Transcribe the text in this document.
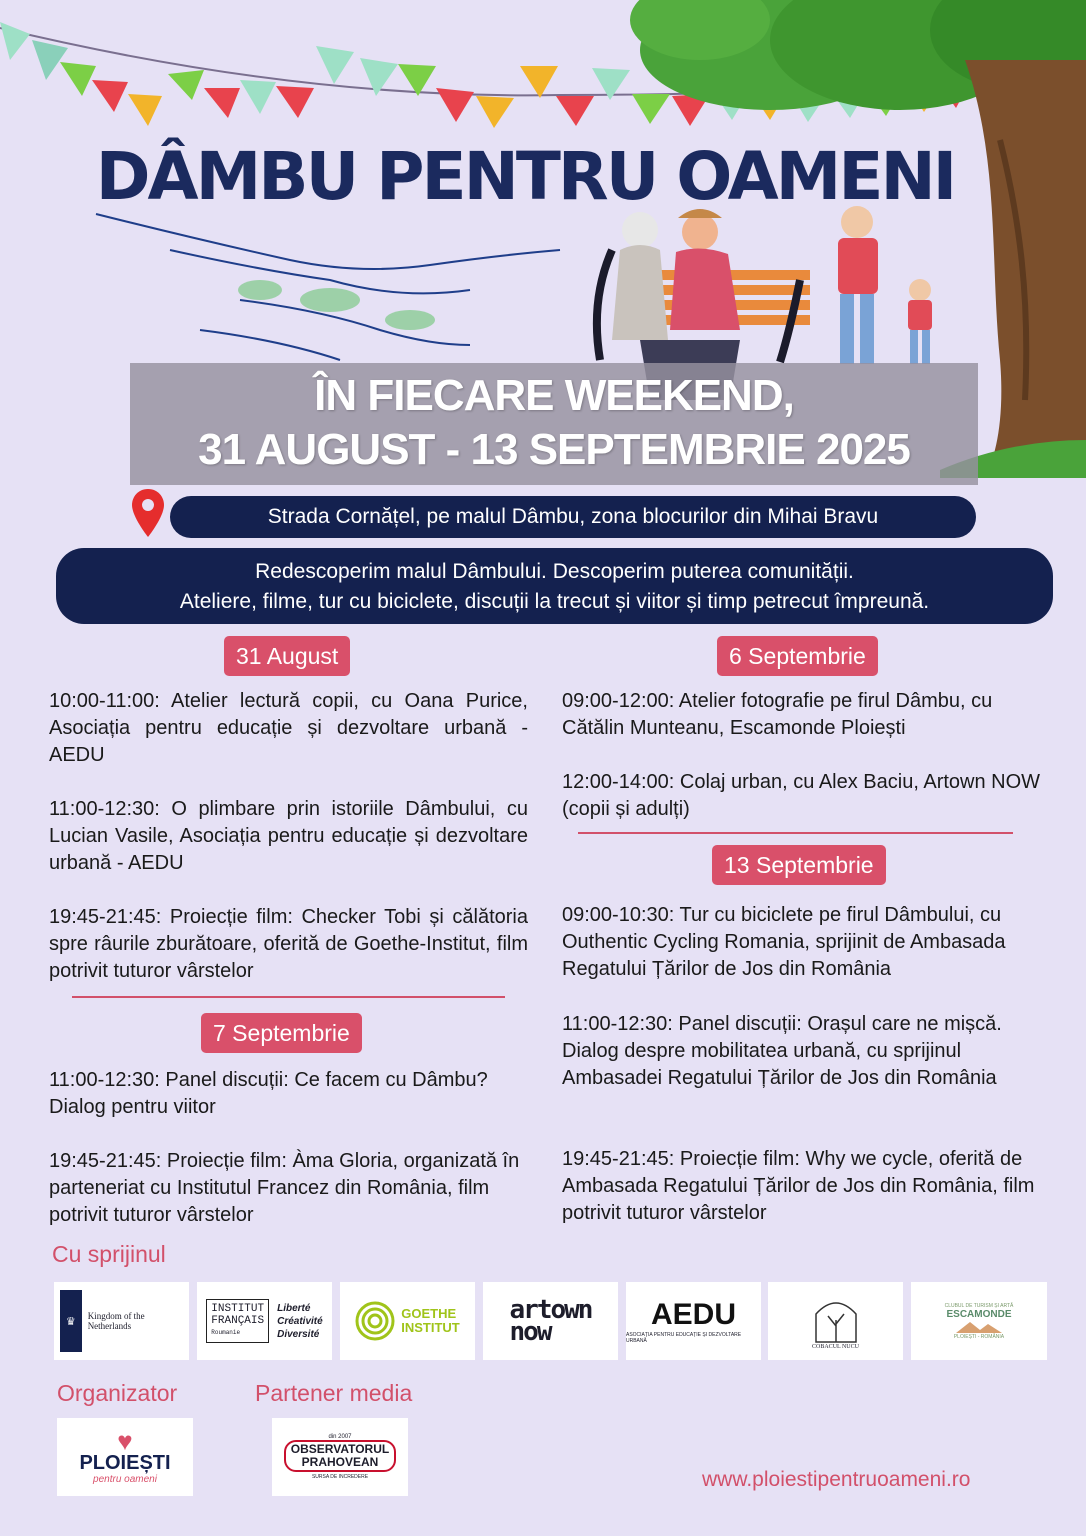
DÂMBU PENTRU OAMENI
ÎN FIECARE WEEKEND,
31 AUGUST - 13 SEPTEMBRIE 2025
Strada Cornățel, pe malul Dâmbu, zona blocurilor din Mihai Bravu
Redescoperim malul Dâmbului. Descoperim puterea comunității.
Ateliere, filme, tur cu biciclete, discuții la trecut și viitor și timp petrecut împreună.
31 August
10:00-11:00: Atelier lectură copii, cu Oana Purice, Asociația pentru educație și dezvoltare urbană - AEDU
11:00-12:30: O plimbare prin istoriile Dâmbului, cu Lucian Vasile, Asociația pentru educație și dezvoltare urbană - AEDU
19:45-21:45: Proiecție film: Checker Tobi și călătoria spre râurile zburătoare, oferită de Goethe-Institut, film potrivit tuturor vârstelor
7 Septembrie
11:00-12:30: Panel discuții: Ce facem cu Dâmbu? Dialog pentru viitor
19:45-21:45: Proiecție film: Àma Gloria, organizată în parteneriat cu Institutul Francez din România, film potrivit tuturor vârstelor
6 Septembrie
09:00-12:00: Atelier fotografie pe firul Dâmbu, cu Cătălin Munteanu, Escamonde Ploiești
12:00-14:00: Colaj urban, cu Alex Baciu, Artown NOW (copii și adulți)
13 Septembrie
09:00-10:30: Tur cu biciclete pe firul Dâmbului, cu Outhentic Cycling Romania, sprijinit de Ambasada Regatului Țărilor de Jos din România
11:00-12:30: Panel discuții: Orașul care ne mișcă. Dialog despre mobilitatea urbană, cu sprijinul Ambasadei Regatului Țărilor de Jos din România
19:45-21:45: Proiecție film: Why we cycle, oferită de Ambasada Regatului Țărilor de Jos din România, film potrivit tuturor vârstelor
Cu sprijinul
♛	Kingdom of the Netherlands
INSTITUT
FRANÇAIS
Roumanie
Liberté
Créativité
Diversité
GOETHE
INSTITUT
artown
now
AEDU
ASOCIAȚIA PENTRU EDUCAȚIE ȘI DEZVOLTARE URBANĂ
COBACUL NUCU
CLUBUL DE TURISM ȘI ARTĂ
ESCAMONDE
PLOIEȘTI - ROMÂNIA
Organizator	Partener media
♥
PLOIEȘTI
pentru oameni
din 2007
OBSERVATORUL
PRAHOVEAN
SURSA DE INCREDERE	www.ploiestipentruoameni.ro
